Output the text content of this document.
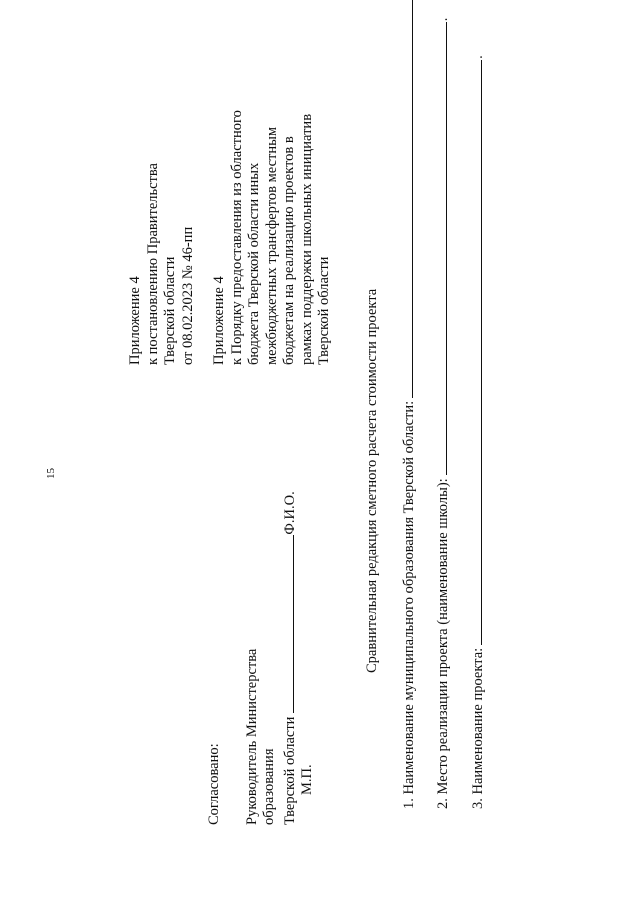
15
Приложение 4 к постановлению Правительства Тверской области от 08.02.2023 № 46-пп Приложение 4 к Порядку предоставления из областного бюджета Тверской области иных межбюджетных трансфертов местным бюджетам на реализацию проектов в рамках поддержки школьных инициатив Тверской области
Согласовано: Руководитель Министерства образования Тверской областиФ.И.О.
М.П.
Сравнительная редакция сметного расчета стоимости проекта 1. Наименование муниципального образования Тверской области: 2. Место реализации проекта (наименование школы):
.
3. Наименование проекта:
.
